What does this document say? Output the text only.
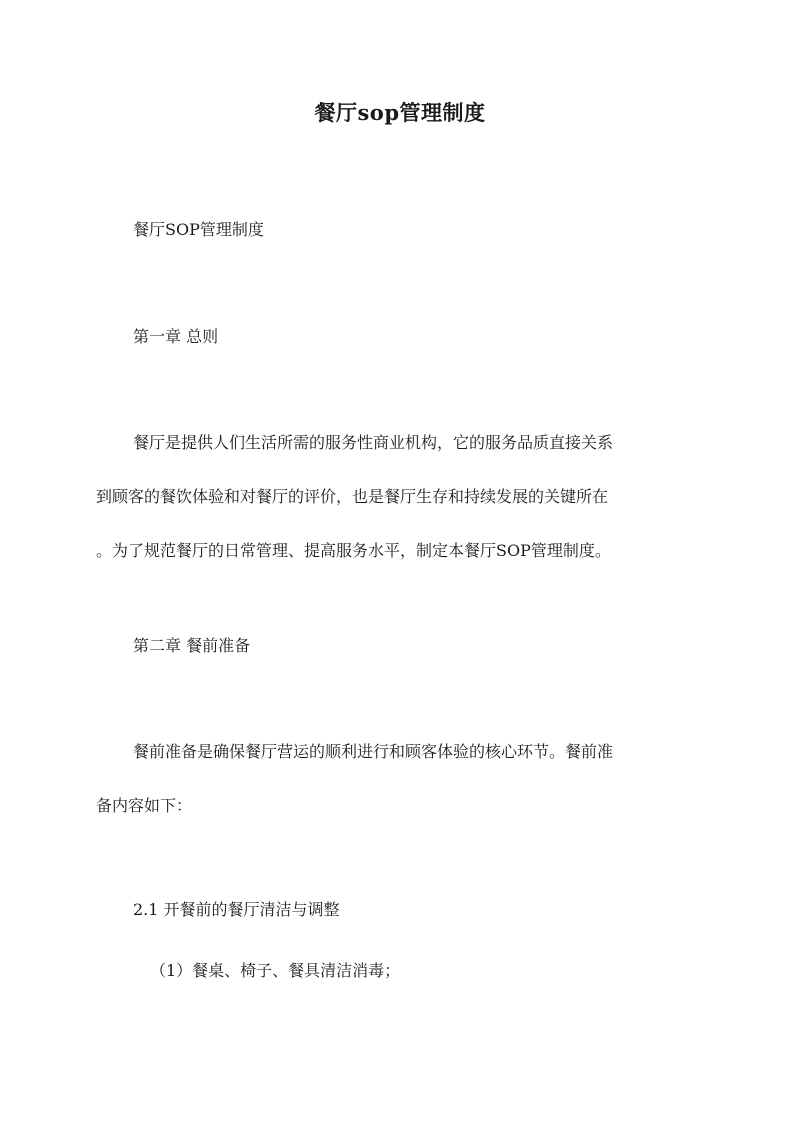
餐厅sop管理制度
餐厅SOP管理制度
第一章 总则
餐厅是提供人们生活所需的服务性商业机构，它的服务品质直接关系
到顾客的餐饮体验和对餐厅的评价，也是餐厅生存和持续发展的关键所在
。为了规范餐厅的日常管理、提高服务水平，制定本餐厅SOP管理制度。
第二章 餐前准备
餐前准备是确保餐厅营运的顺利进行和顾客体验的核心环节。餐前准
备内容如下：
2.1 开餐前的餐厅清洁与调整
（1）餐桌、椅子、餐具清洁消毒；
